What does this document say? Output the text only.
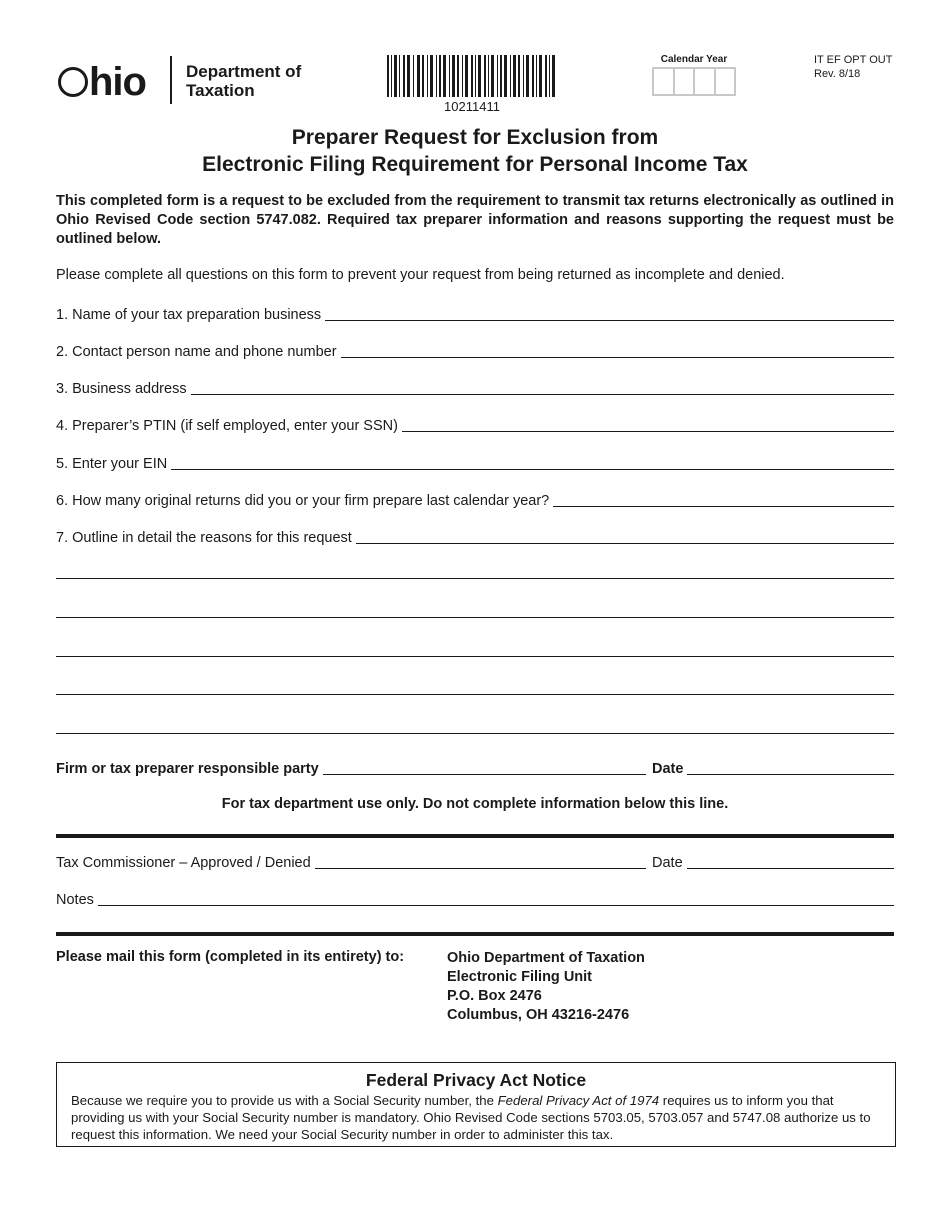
hio Department of
Taxation
10211411
Calendar Year	IT EF OPT OUT
Rev. 8/18
Preparer Request for Exclusion from
Electronic Filing Requirement for Personal Income Tax
This completed form is a request to be excluded from the requirement to transmit tax returns electronically as outlined in Ohio Revised Code section 5747.082. Required tax preparer information and reasons supporting the request must be outlined below.
Please complete all questions on this form to prevent your request from being returned as incomplete and denied.
1. Name of your tax preparation business
2. Contact person name and phone number
3. Business address
4. Preparer’s PTIN (if self employed, enter your SSN)
5. Enter your EIN
6. How many original returns did you or your firm prepare last calendar year?
7. Outline in detail the reasons for this request
Firm or tax preparer responsible party	Date
For tax department use only. Do not complete information below this line.
Tax Commissioner – Approved / Denied	Date
Notes
Please mail this form (completed in its entirety) to:	Ohio Department of Taxation
Electronic Filing Unit
P.O. Box 2476
Columbus, OH 43216-2476
Federal Privacy Act Notice
Because we require you to provide us with a Social Security number, the Federal Privacy Act of 1974 requires us to inform you that providing us with your Social Security number is mandatory. Ohio Revised Code sections 5703.05, 5703.057 and 5747.08 authorize us to request this information. We need your Social Security number in order to administer this tax.
